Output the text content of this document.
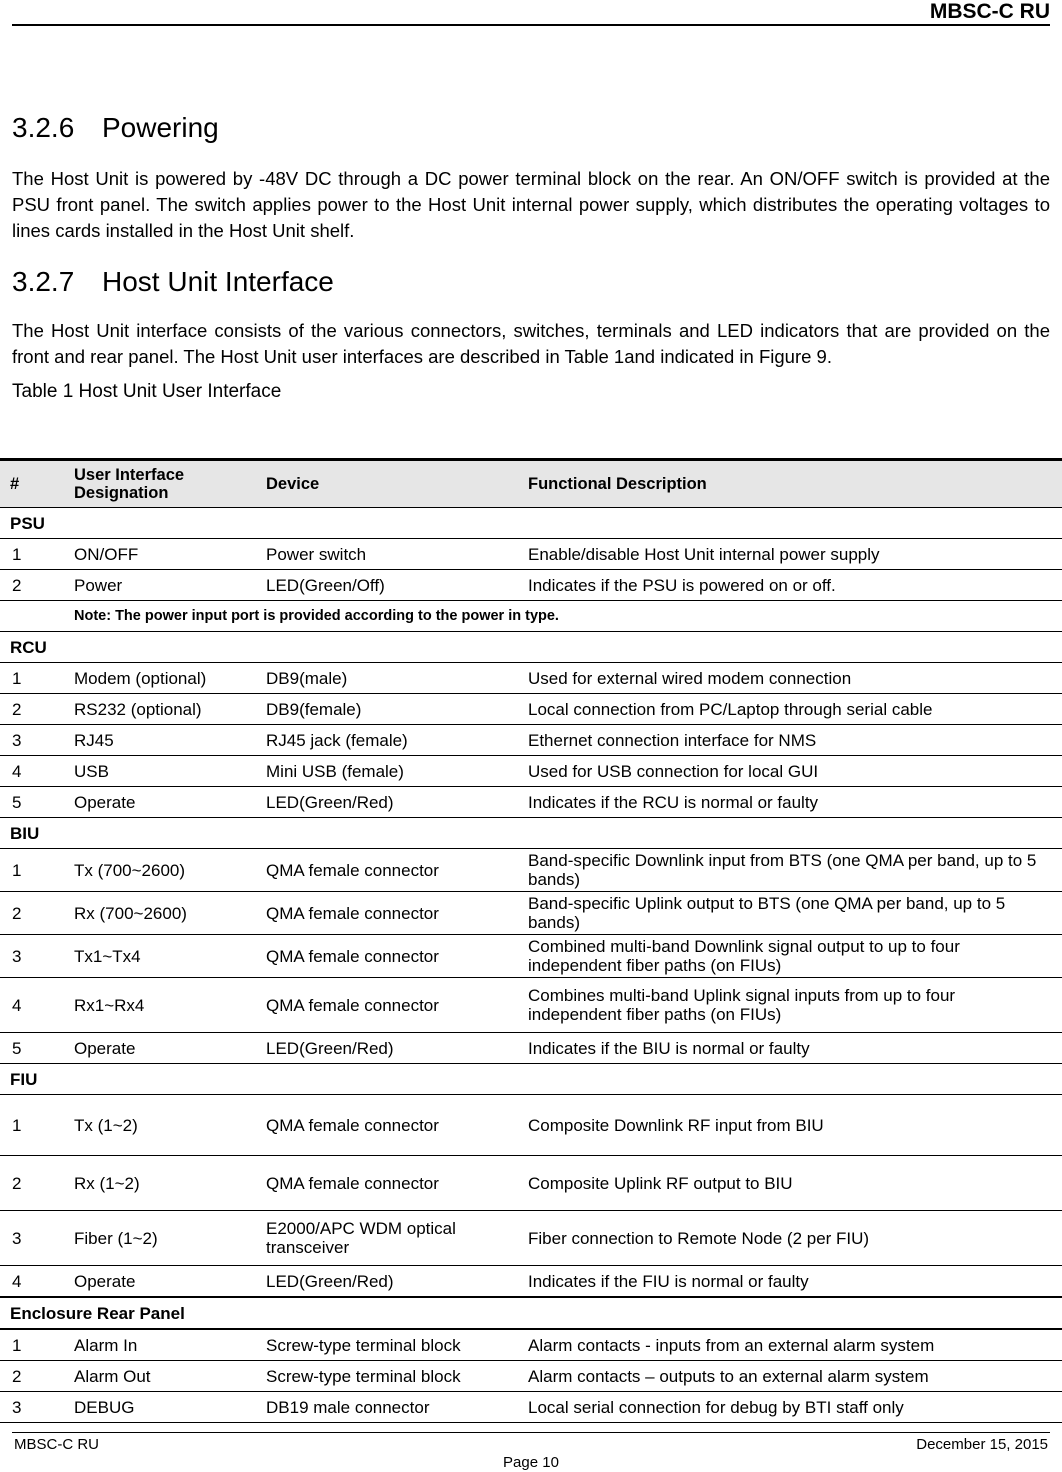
MBSC-C RU
3.2.6 Powering

The Host Unit is powered by -48V DC through a DC power terminal block on the rear. An ON/OFF switch is provided at the PSU front panel. The switch applies power to the Host Unit internal power supply, which distributes the operating voltages to lines cards installed in the Host Unit shelf.

3.2.7 Host Unit Interface

The Host Unit interface consists of the various connectors, switches, terminals and LED indicators that are provided on the front and rear panel. The Host Unit user interfaces are described in Table 1and indicated in Figure 9.

Table 1 Host Unit User Interface
#	User Interface Designation	Device	Functional Description
PSU			
1	ON/OFF	Power switch	Enable/disable Host Unit internal power supply
2	Power	LED(Green/Off)	Indicates if the PSU is powered on or off.
	Note: The power input port is provided according to the power in type.		
RCU			
1	Modem (optional)	DB9(male)	Used for external wired modem connection
2	RS232 (optional)	DB9(female)	Local connection from PC/Laptop through serial cable
3	RJ45	RJ45 jack (female)	Ethernet connection interface for NMS
4	USB	Mini USB (female)	Used for USB connection for local GUI
5	Operate	LED(Green/Red)	Indicates if the RCU is normal or faulty
BIU			
1	Tx (700~2600)	QMA female connector	Band-specific Downlink input from BTS (one QMA per band, up to 5 bands)
2	Rx (700~2600)	QMA female connector	Band-specific Uplink output to BTS (one QMA per band, up to 5 bands)
3	Tx1~Tx4	QMA female connector	Combined multi-band Downlink signal output to up to four independent fiber paths (on FIUs)
4	Rx1~Rx4	QMA female connector	Combines multi-band Uplink signal inputs from up to four independent fiber paths (on FIUs)
5	Operate	LED(Green/Red)	Indicates if the BIU is normal or faulty
FIU			
1	Tx (1~2)	QMA female connector	Composite Downlink RF input from BIU
2	Rx (1~2)	QMA female connector	Composite Uplink RF output to BIU
3	Fiber (1~2)	E2000/APC WDM optical transceiver	Fiber connection to Remote Node (2 per FIU)
4	Operate	LED(Green/Red)	Indicates if the FIU is normal or faulty
Enclosure Rear Panel			
1	Alarm In	Screw-type terminal block	Alarm contacts - inputs from an external alarm system
2	Alarm Out	Screw-type terminal block	Alarm contacts – outputs to an external alarm system
3	DEBUG	DB19 male connector	Local serial connection for debug by BTI staff only
MBSC-C RU	December 15, 2015
Page 10
